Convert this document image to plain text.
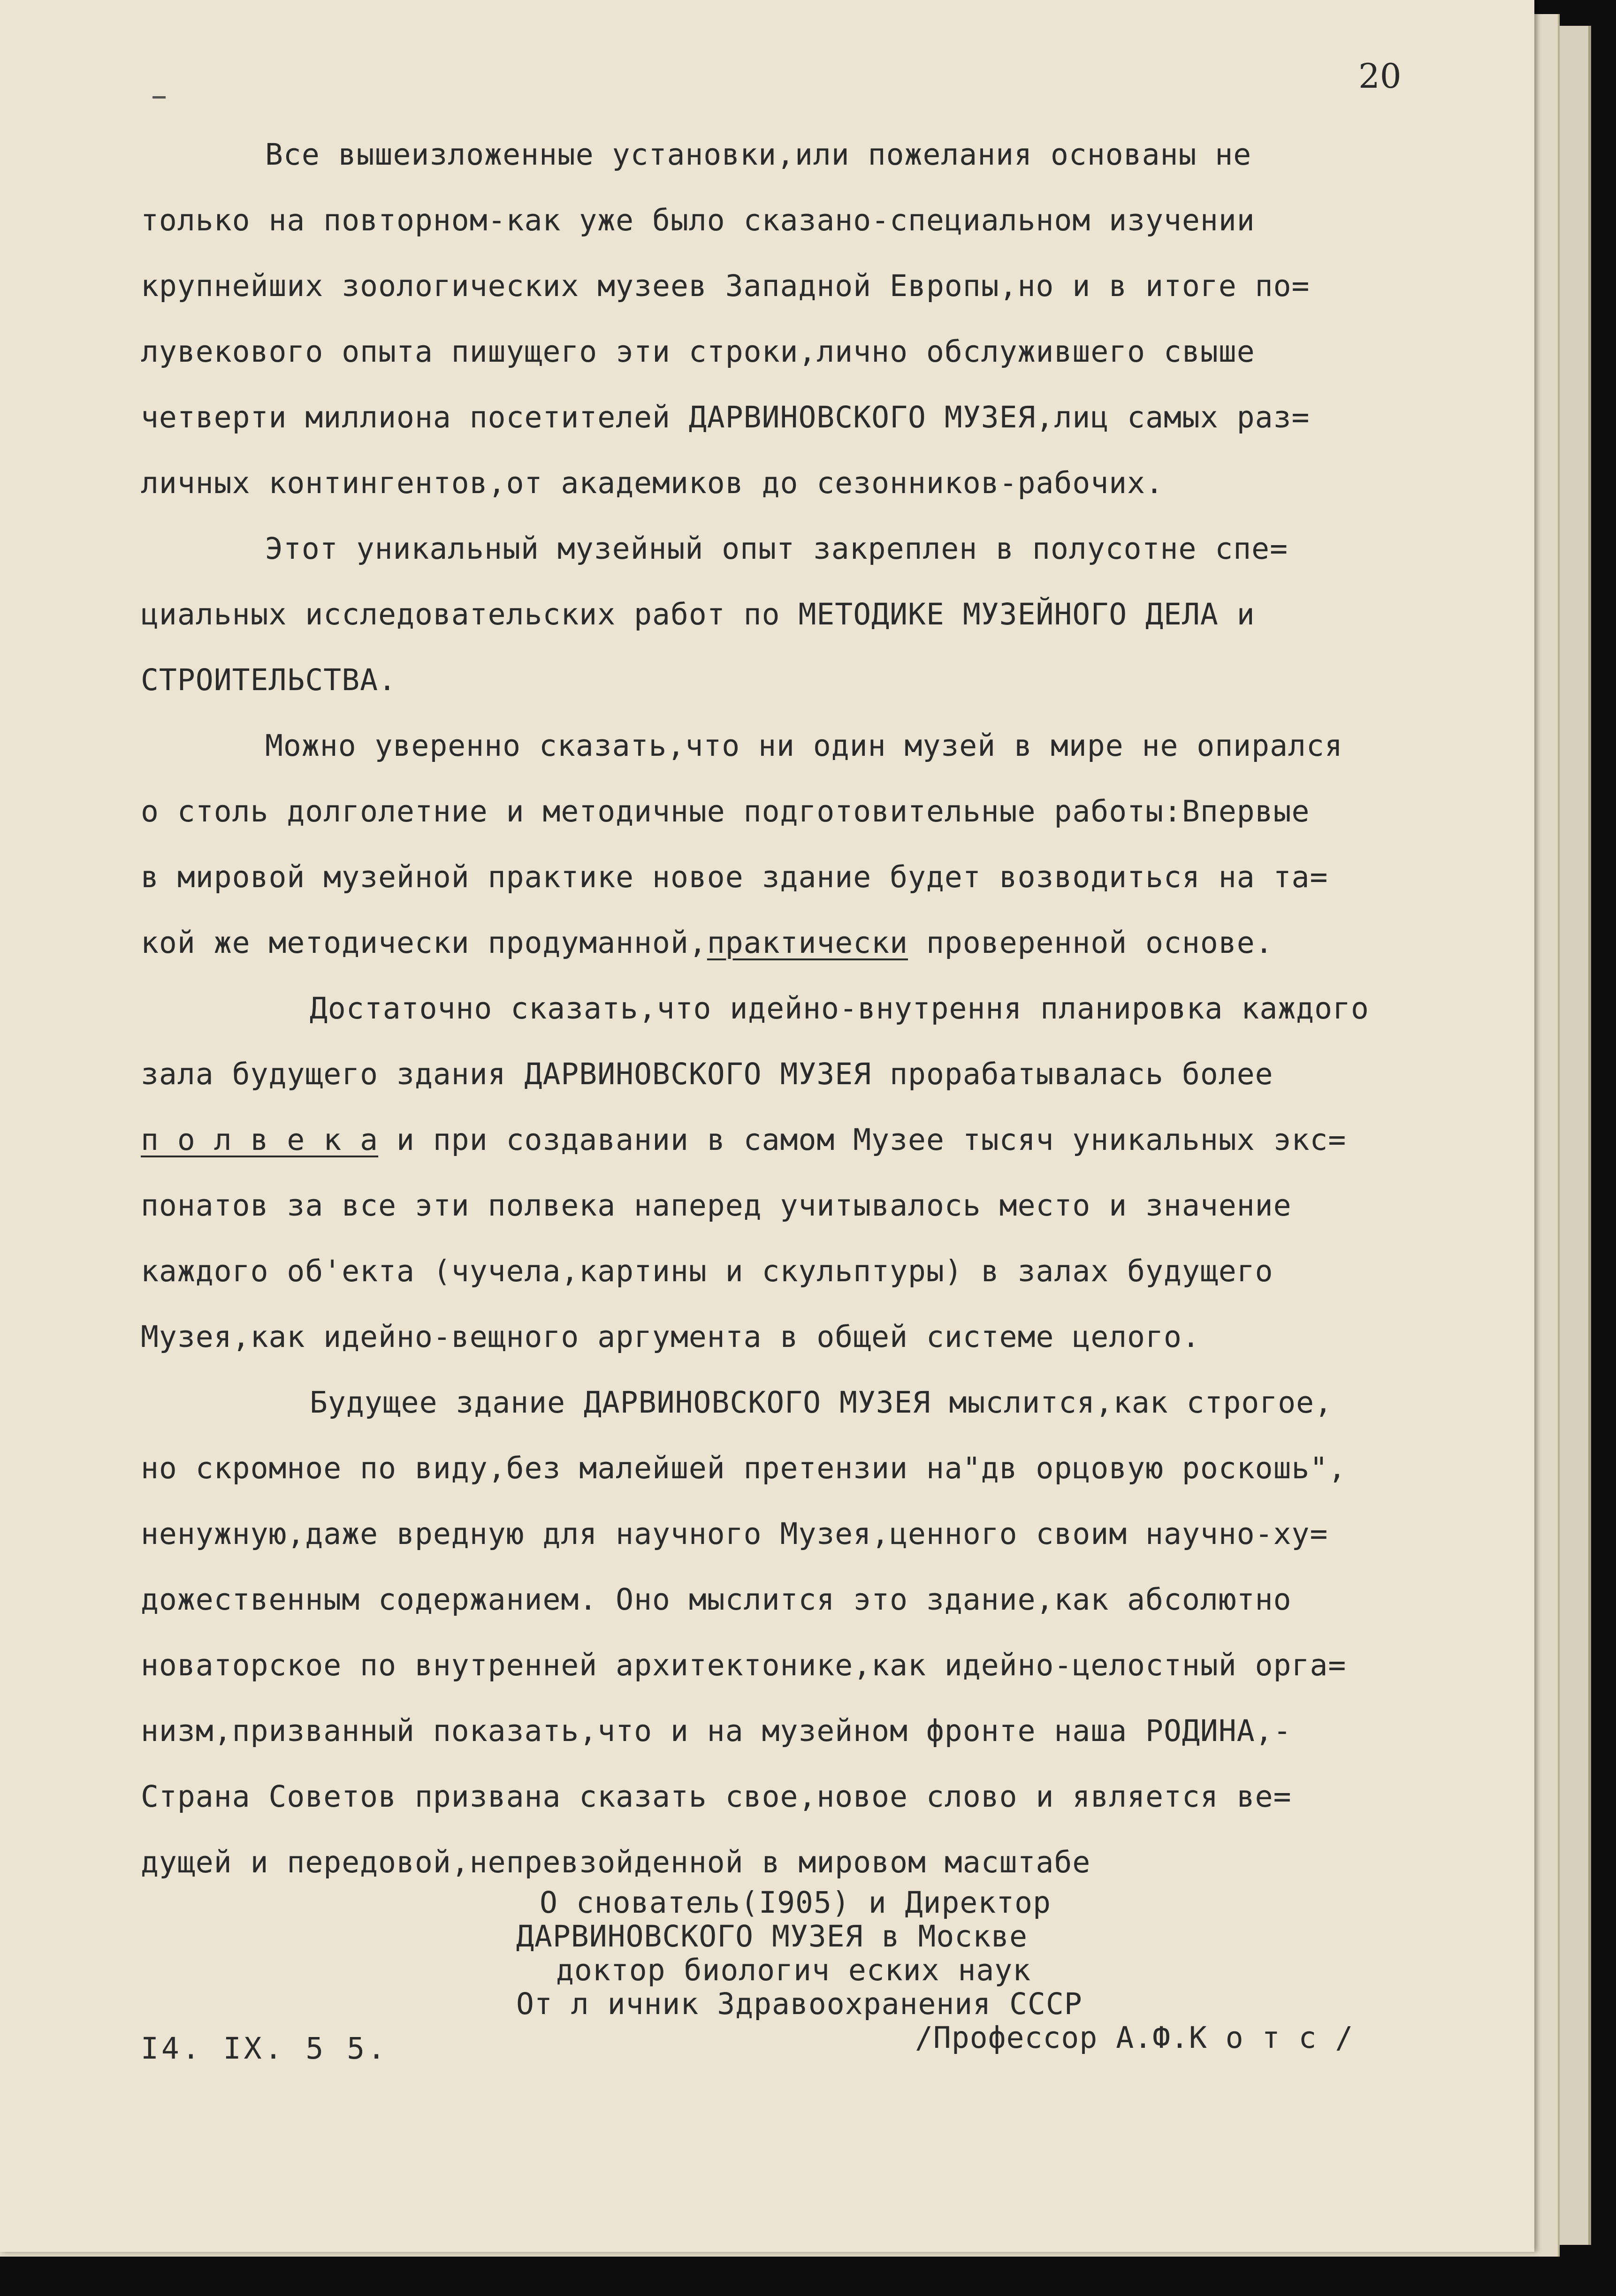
20
Все вышеизложенные установки,или пожелания основаны не
только на повторном-как уже было сказано-специальном изучении
крупнейших зоологических музеев Западной Европы,но и в итоге по=
лувекового опыта пишущего эти строки,лично обслужившего свыше
четверти миллиона посетителей ДАРВИНОВСКОГО МУЗЕЯ,лиц самых раз=
личных контингентов,от академиков до сезонников-рабочих.
Этот уникальный музейный опыт закреплен в полусотне спе=
циальных исследовательских работ по МЕТОДИКЕ МУЗЕЙНОГО ДЕЛА и
СТРОИТЕЛЬСТВА.
Можно уверенно сказать,что ни один музей в мире не опирался
о столь долголетние и методичные подготовительные работы:Впервые
в мировой музейной практике новое здание будет возводиться на та=
кой же методически продуманной,практически проверенной основе.
Достаточно сказать,что идейно-внутрення планировка каждого
зала будущего здания ДАРВИНОВСКОГО МУЗЕЯ прорабатывалась более
п о л в е к а и при создавании в самом Музее тысяч уникальных экс=
понатов за все эти полвека наперед учитывалось место и значение
каждого об'екта (чучела,картины и скульптуры) в залах будущего
Музея,как идейно-вещного аргумента в общей системе целого.
Будущее здание ДАРВИНОВСКОГО МУЗЕЯ мыслится,как строгое,
но скромное по виду,без малейшей претензии на"дв орцовую роскошь",
ненужную,даже вредную для научного Музея,ценного своим научно-ху=
дожественным содержанием. Оно мыслится это здание,как абсолютно
новаторское по внутренней архитектонике,как идейно-целостный орга=
низм,призванный показать,что и на музейном фронте наша РОДИНА,-
Страна Советов призвана сказать свое,новое слово и является ве=
дущей и передовой,непревзойденной в мировом масштабе
О снователь(I905) и Директор
ДАРВИНОВСКОГО МУЗЕЯ в Москве
доктор биологич еских наук
От л ичник Здравоохранения СССР
/Профессор А.Ф.К о т с /
I4. IX. 5 5.
